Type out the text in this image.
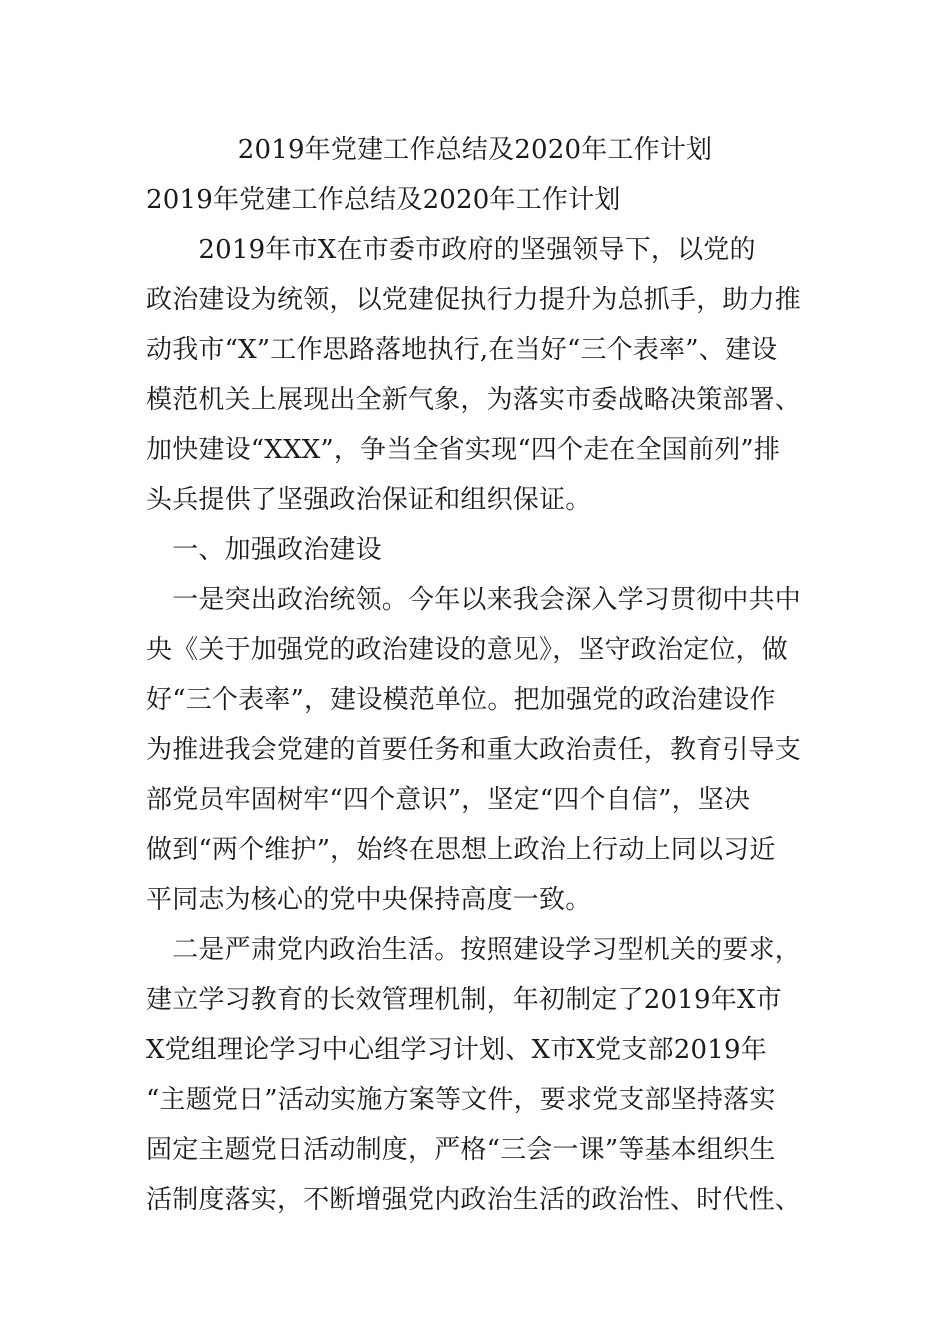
2019年党建工作总结及2020年工作计划
2019年党建工作总结及2020年工作计划
　　2019年市X在市委市政府的坚强领导下，以党的
政治建设为统领，以党建促执行力提升为总抓手，助力推
动我市“X”工作思路落地执行,在当好“三个表率”、建设
模范机关上展现出全新气象，为落实市委战略决策部署、
加快建设“XXX”，争当全省实现“四个走在全国前列”排
头兵提供了坚强政治保证和组织保证。
　一、加强政治建设
　一是突出政治统领。今年以来我会深入学习贯彻中共中
央《关于加强党的政治建设的意见》，坚守政治定位，做
好“三个表率”，建设模范单位。把加强党的政治建设作
为推进我会党建的首要任务和重大政治责任，教育引导支
部党员牢固树牢“四个意识”，坚定“四个自信”，坚决
做到“两个维护”，始终在思想上政治上行动上同以习近
平同志为核心的党中央保持高度一致。
　二是严肃党内政治生活。按照建设学习型机关的要求，
建立学习教育的长效管理机制，年初制定了2019年X市
X党组理论学习中心组学习计划、X市X党支部2019年
“主题党日”活动实施方案等文件，要求党支部坚持落实
固定主题党日活动制度，严格“三会一课”等基本组织生
活制度落实，不断增强党内政治生活的政治性、时代性、
